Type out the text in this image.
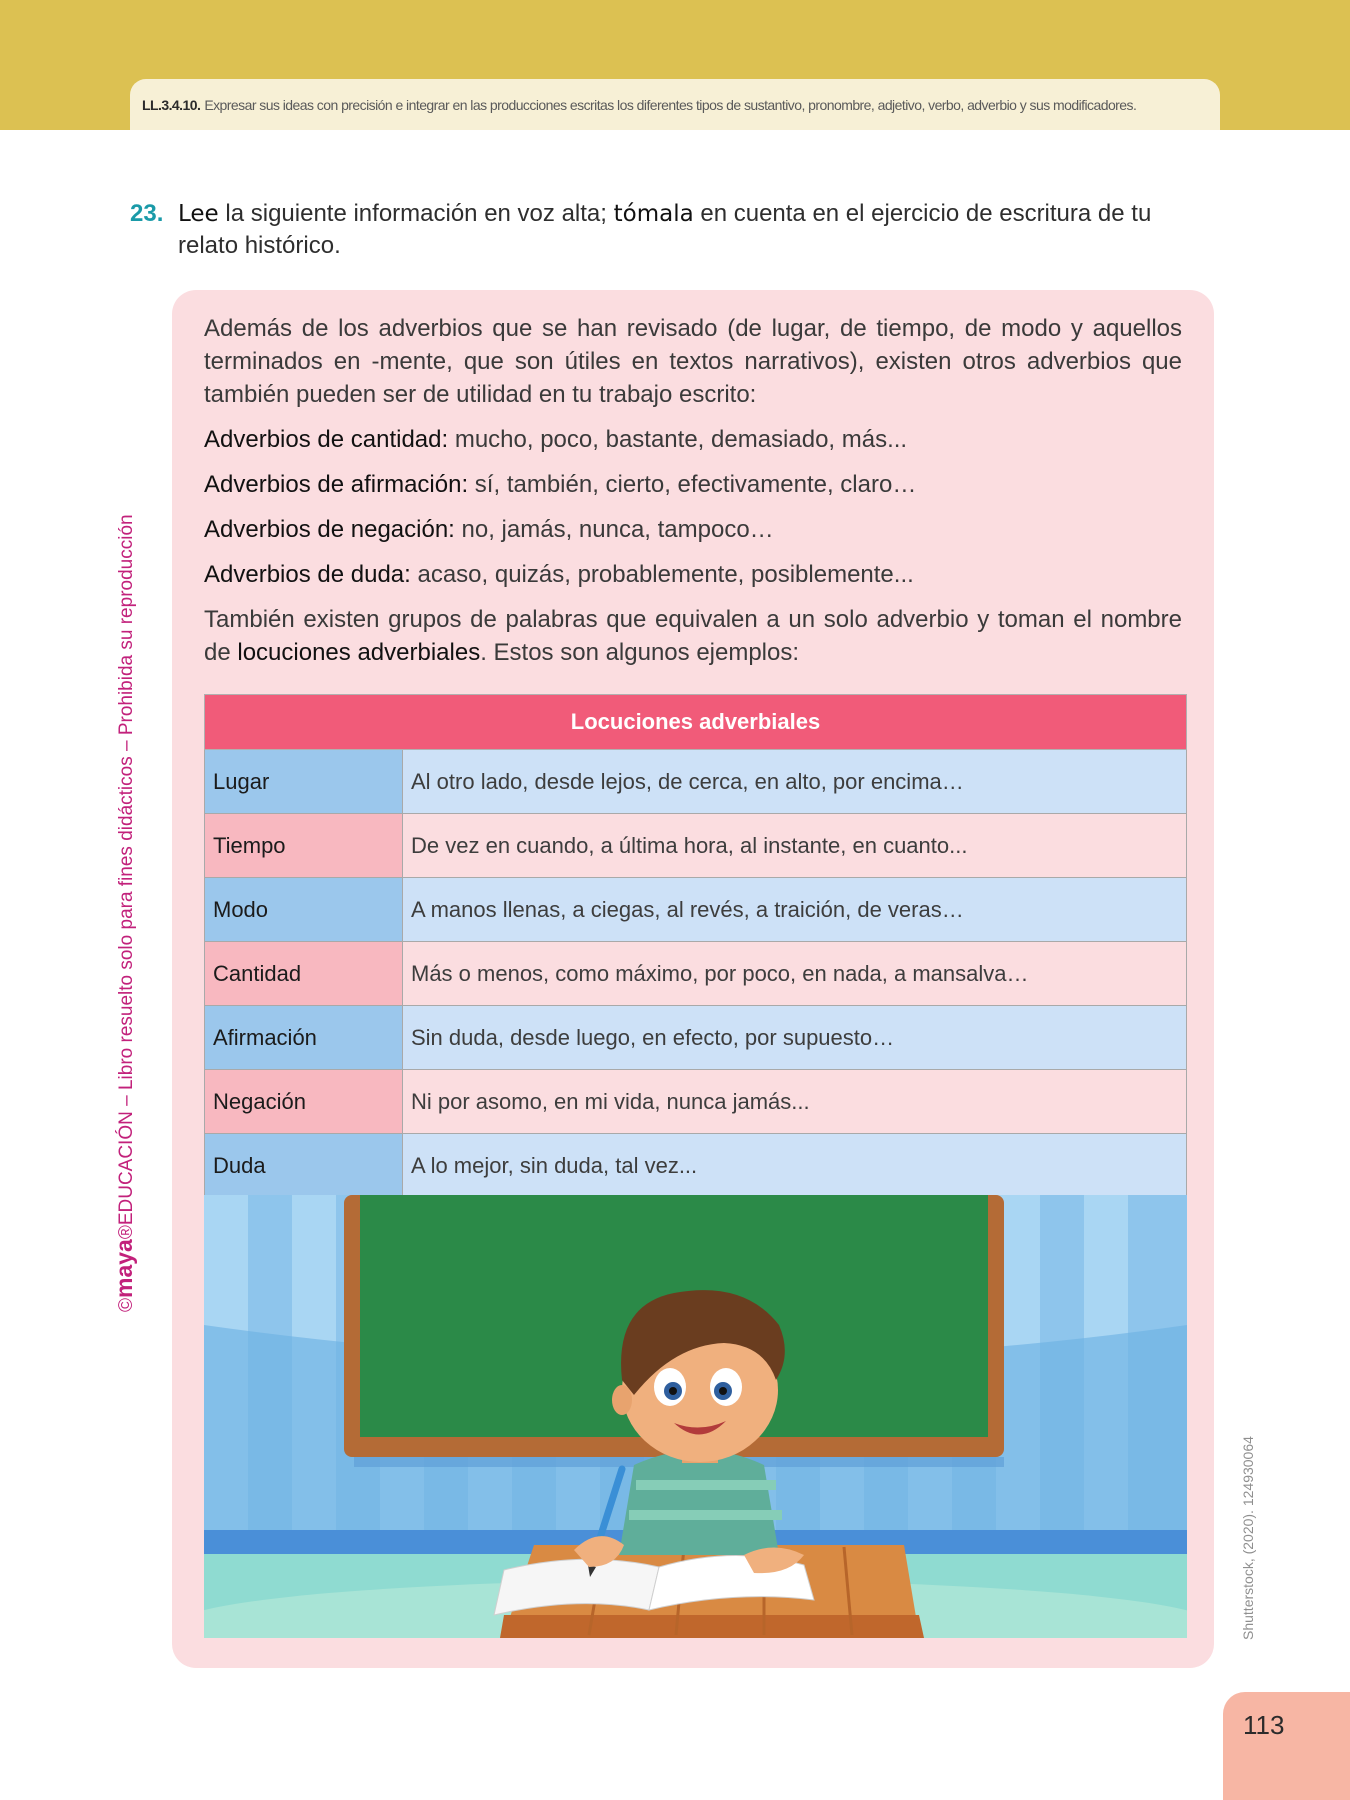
LL.3.4.10. Expresar sus ideas con precisión e integrar en las producciones escritas los diferentes tipos de sustantivo, pronombre, adjetivo, verbo, adverbio y sus modificadores.
©maya®EDUCACIÓN – Libro resuelto solo para fines didácticos – Prohibida su reproducción
Shutterstock, (2020). 124930064
23. Lee la siguiente información en voz alta; tómala en cuenta en el ejercicio de escritura de tu relato histórico.

Además de los adverbios que se han revisado (de lugar, de tiempo, de modo y aquellos terminados en -mente, que son útiles en textos narrativos), existen otros adverbios que también pueden ser de utilidad en tu trabajo escrito:

Adverbios de cantidad: mucho, poco, bastante, demasiado, más...

Adverbios de afirmación: sí, también, cierto, efectivamente, claro…

Adverbios de negación: no, jamás, nunca, tampoco…

Adverbios de duda: acaso, quizás, probablemente, posiblemente...

También existen grupos de palabras que equivalen a un solo adverbio y toman el nombre de locuciones adverbiales. Estos son algunos ejemplos:

Locuciones adverbiales	
Lugar	Al otro lado, desde lejos, de cerca, en alto, por encima…
Tiempo	De vez en cuando, a última hora, al instante, en cuanto...
Modo	A manos llenas, a ciegas, al revés, a traición, de veras…
Cantidad	Más o menos, como máximo, por poco, en nada, a mansalva…
Afirmación	Sin duda, desde luego, en efecto, por supuesto…
Negación	Ni por asomo, en mi vida, nunca jamás...
Duda	A lo mejor, sin duda, tal vez...
113
